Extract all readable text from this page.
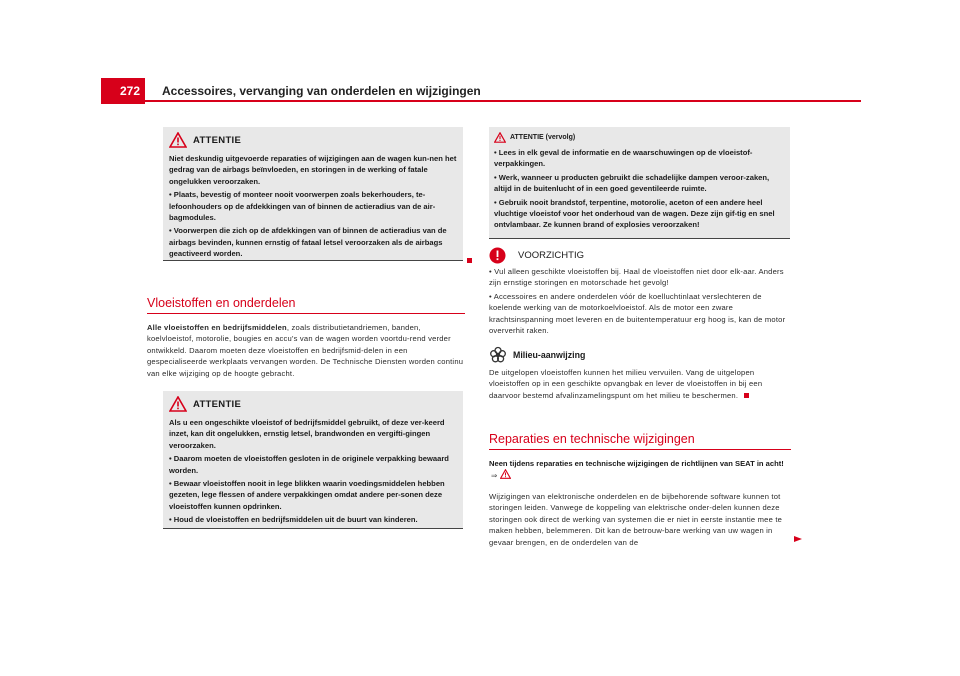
272 Accessoires, vervanging van onderdelen en wijzigingen
ATTENTIE

Niet deskundig uitgevoerde reparaties of wijzigingen aan de wagen kun-nen het gedrag van de airbags beïnvloeden, en storingen in de werking of fatale ongelukken veroorzaken.

• Plaats, bevestig of monteer nooit voorwerpen zoals bekerhouders, te-lefoonhouders op de afdekkingen van of binnen de actieradius van de air-bagmodules.

• Voorwerpen die zich op de afdekkingen van of binnen de actieradius van de airbags bevinden, kunnen ernstig of fataal letsel veroorzaken als de airbags geactiveerd worden.

Vloeistoffen en onderdelen

Alle vloeistoffen en bedrijfsmiddelen, zoals distributietandriemen, banden, koelvloeistof, motorolie, bougies en accu's van de wagen worden voortdu-rend verder ontwikkeld. Daarom moeten deze vloeistoffen en bedrijfsmid-delen in een gespecialiseerde werkplaats vervangen worden. De Technische Diensten worden continu van elke wijziging op de hoogte gebracht.

ATTENTIE

Als u een ongeschikte vloeistof of bedrijfsmiddel gebruikt, of deze ver-keerd inzet, kan dit ongelukken, ernstig letsel, brandwonden en vergifti-gingen veroorzaken.

• Daarom moeten de vloeistoffen gesloten in de originele verpakking bewaard worden.

• Bewaar vloeistoffen nooit in lege blikken waarin voedingsmiddelen hebben gezeten, lege flessen of andere verpakkingen omdat andere per-sonen deze vloeistoffen kunnen opdrinken.

• Houd de vloeistoffen en bedrijfsmiddelen uit de buurt van kinderen.

ATTENTIE (vervolg)

• Lees in elk geval de informatie en de waarschuwingen op de vloeistof-verpakkingen.

• Werk, wanneer u producten gebruikt die schadelijke dampen veroor-zaken, altijd in de buitenlucht of in een goed geventileerde ruimte.

• Gebruik nooit brandstof, terpentine, motorolie, aceton of een andere heel vluchtige vloeistof voor het onderhoud van de wagen. Deze zijn gif-tig en snel ontvlambaar. Ze kunnen brand of explosies veroorzaken!

VOORZICHTIG

• Vul alleen geschikte vloeistoffen bij. Haal de vloeistoffen niet door elk-aar. Anders zijn ernstige storingen en motorschade het gevolg!

• Accessoires en andere onderdelen vóór de koelluchtinlaat verslechteren de koelende werking van de motorkoelvloeistof. Als de motor een zware krachtsinspanning moet leveren en de buitentemperatuur erg hoog is, kan de motor oververhit raken.

Milieu-aanwijzing

De uitgelopen vloeistoffen kunnen het milieu vervuilen. Vang de uitgelopen vloeistoffen op in een geschikte opvangbak en lever de vloeistoffen in bij een daarvoor bestemd afvalinzamelingspunt om het milieu te beschermen.

Reparaties en technische wijzigingen
Neen tijdens reparaties en technische wijzigingen de richtlijnen van SEAT in acht! ⇒

Wijzigingen van elektronische onderdelen en de bijbehorende software kunnen tot storingen leiden. Vanwege de koppeling van elektrische onder-delen kunnen deze storingen ook direct de werking van systemen die er niet in eerste instantie mee te maken hebben, belemmeren. Dit kan de betrouw-bare werking van uw wagen in gevaar brengen, en de onderdelen van de
